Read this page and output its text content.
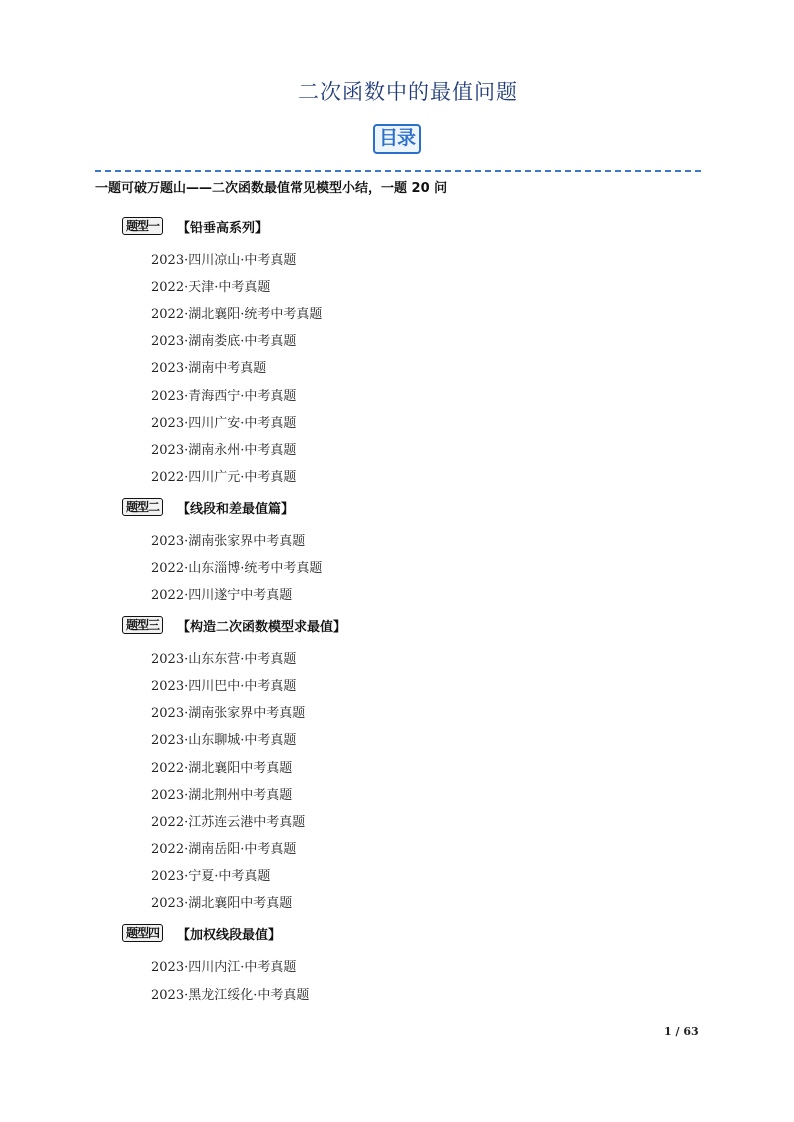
二次函数中的最值问题
目录
一题可破万题山——二次函数最值常见模型小结，一题 20 问
题型一	【铅垂高系列】
2023·四川凉山·中考真题
2022·天津·中考真题
2022·湖北襄阳·统考中考真题
2023·湖南娄底·中考真题
2023·湖南中考真题
2023·青海西宁·中考真题
2023·四川广安·中考真题
2023·湖南永州·中考真题
2022·四川广元·中考真题
题型二	【线段和差最值篇】
2023·湖南张家界中考真题
2022·山东淄博·统考中考真题
2022·四川遂宁中考真题
题型三	【构造二次函数模型求最值】
2023·山东东营·中考真题
2023·四川巴中·中考真题
2023·湖南张家界中考真题
2023·山东聊城·中考真题
2022·湖北襄阳中考真题
2023·湖北荆州中考真题
2022·江苏连云港中考真题
2022·湖南岳阳·中考真题
2023·宁夏·中考真题
2023·湖北襄阳中考真题
题型四	【加权线段最值】
2023·四川内江·中考真题
2023·黑龙江绥化·中考真题
1 / 63
